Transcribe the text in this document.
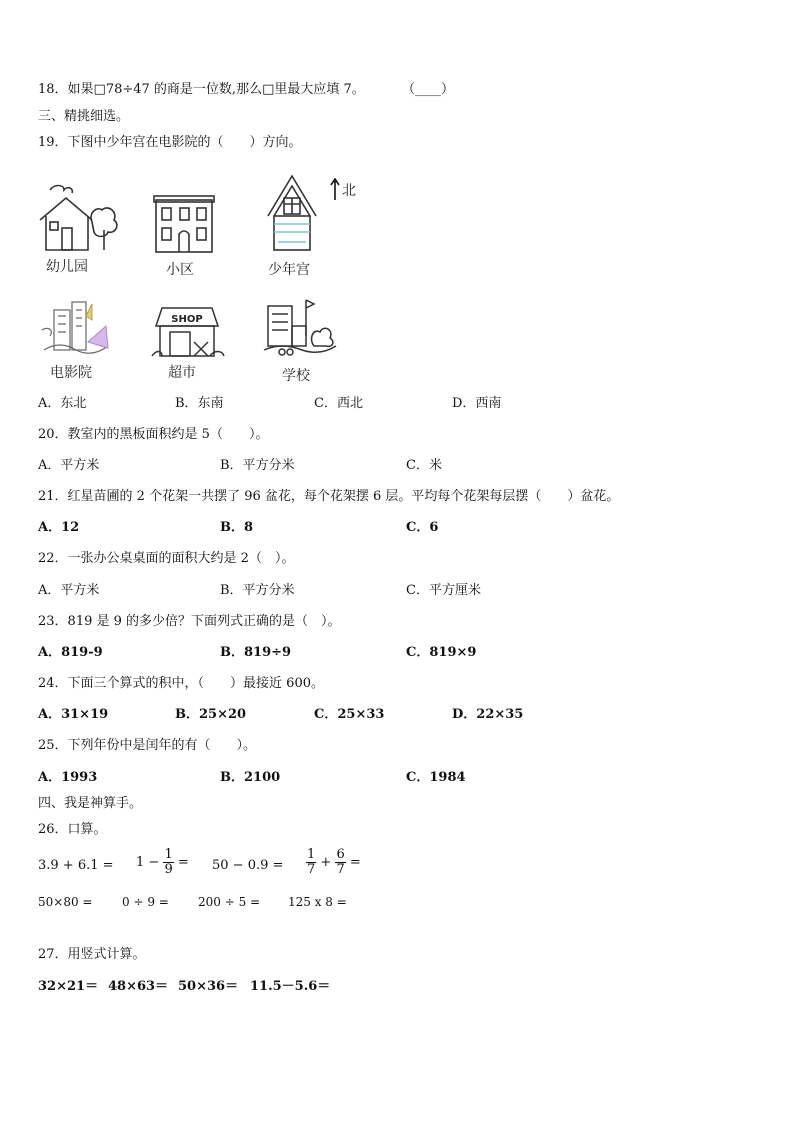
18．如果□78÷47 的商是一位数,那么□里最大应填 7。	（____）
三、精挑细选。
19．下图中少年宫在电影院的（　　）方向。
幼儿园	小区
北
少年宫
电影院
SHOP
超市	学校
A．东北	B．东南	C．西北	D．西南
20．教室内的黑板面积约是 5（　　）。
A．平方米	B．平方分米	C．米
21．红星苗圃的 2 个花架一共摆了 96 盆花，每个花架摆 6 层。平均每个花架每层摆（　　）盆花。
A．12	B．8	C．6
22．一张办公桌桌面的面积大约是 2（　）。
A．平方米	B．平方分米	C．平方厘米
23．819 是 9 的多少倍？下面列式正确的是（　）。
A．819-9	B．819÷9	C．819×9
24．下面三个算式的积中，（　　）最接近 600。
A．31×19	B．25×20	C．25×33	D．22×35
25．下列年份中是闰年的有（　　）。
A．1993	B．2100	C．1984
四、我是神算手。
26．口算。
$3.9 + 6.1 = 1 - \frac{1}{9} = 50 - 0.9 = \frac{1}{7} + \frac{6}{7}$ =
50×80 = 0 ÷ 9 = 200 ÷ 5 = 125 x 8 =
27．用竖式计算。
32×21＝ 48×63＝ 50×36＝ 11.5－5.6＝
